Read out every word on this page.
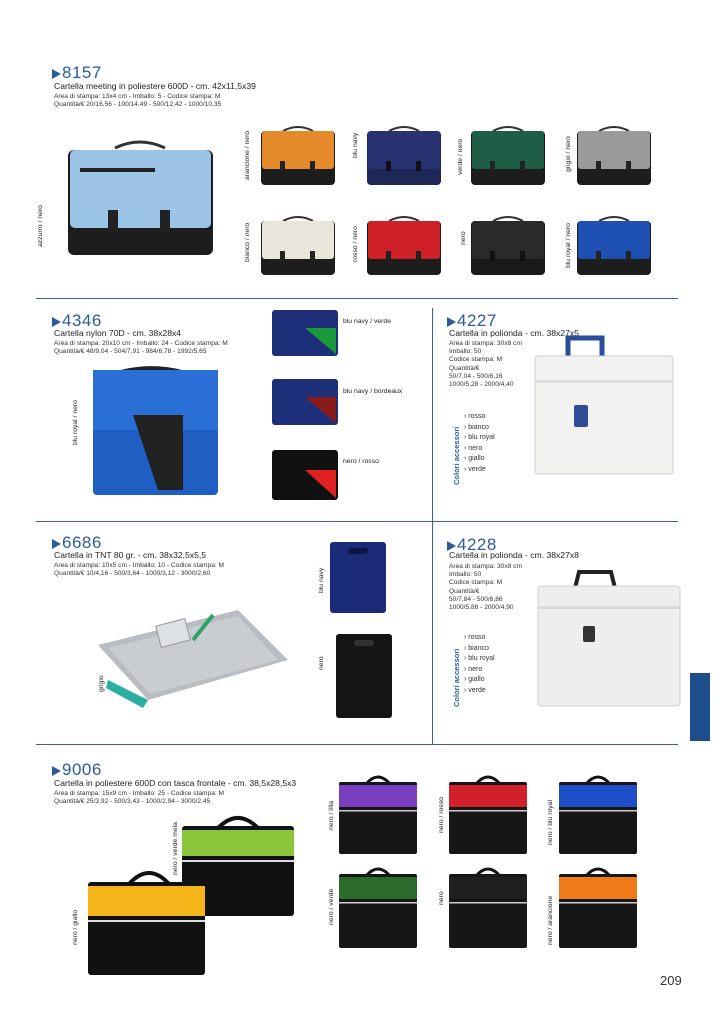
8157
Cartella meeting in poliestere 600D - cm. 42x11,5x39
Area di stampa: 13x4 cm - Imballo: 5 - Codice stampa: M
Quantità/€ 20/16,56 - 100/14,49 - 500/12,42 - 1000/10,35
azzurro / nero
arancione / nero	blu navy	verde / nero	grigio / nero
bianco / nero	rosso / nero	nero	blu royal / nero
4346
Cartella nylon 70D - cm. 38x28x4
Area di stampa: 20x10 cm - Imballo: 24 - Codice stampa: M
Quantità/€ 48/9,04 - 504/7,91 - 984/6,78 - 1992/5,65
blu royal / nero
blu navy / verde
blu navy / bordeaux
nero / rosso
4227
Cartella in polionda - cm. 38x27x5
Area di stampa: 30x8 cm
Imballo: 50
Codice stampa: M
Quantità/€
50/7,04 - 500/6,16
1000/5,28 - 2000/4,40
Colori accessori
› rosso
› bianco
› blu royal
› nero
› giallo
› verde
6686
Cartella in TNT 80 gr. - cm. 38x32,5x5,5
Area di stampa: 10x5 cm - Imballo: 10 - Codice stampa: M
Quantità/€ 10/4,16 - 500/3,64 - 1000/3,12 - 3000/2,60
grigio
blu navy
nero
4228
Cartella in polionda - cm. 38x27x8
Area di stampa: 30x8 cm
Imballo: 50
Codice stampa: M
Quantità/€
50/7,84 - 500/6,86
1000/5,88 - 2000/4,90
Colori accessori
› rosso
› bianco
› blu royal
› nero
› giallo
› verde
9006
Cartella in poliestere 600D con tasca frontale - cm. 38,5x28,5x3
Area di stampa: 15x9 cm - Imballo: 25 - Codice stampa: M
Quantità/€ 25/3,92 - 500/3,43 - 1000/2,94 - 3000/2,45
nero / verde mela
nero / giallo
nero / lilla	nero / rosso	nero / blu royal
nero / verde	nero	nero / arancione
209
